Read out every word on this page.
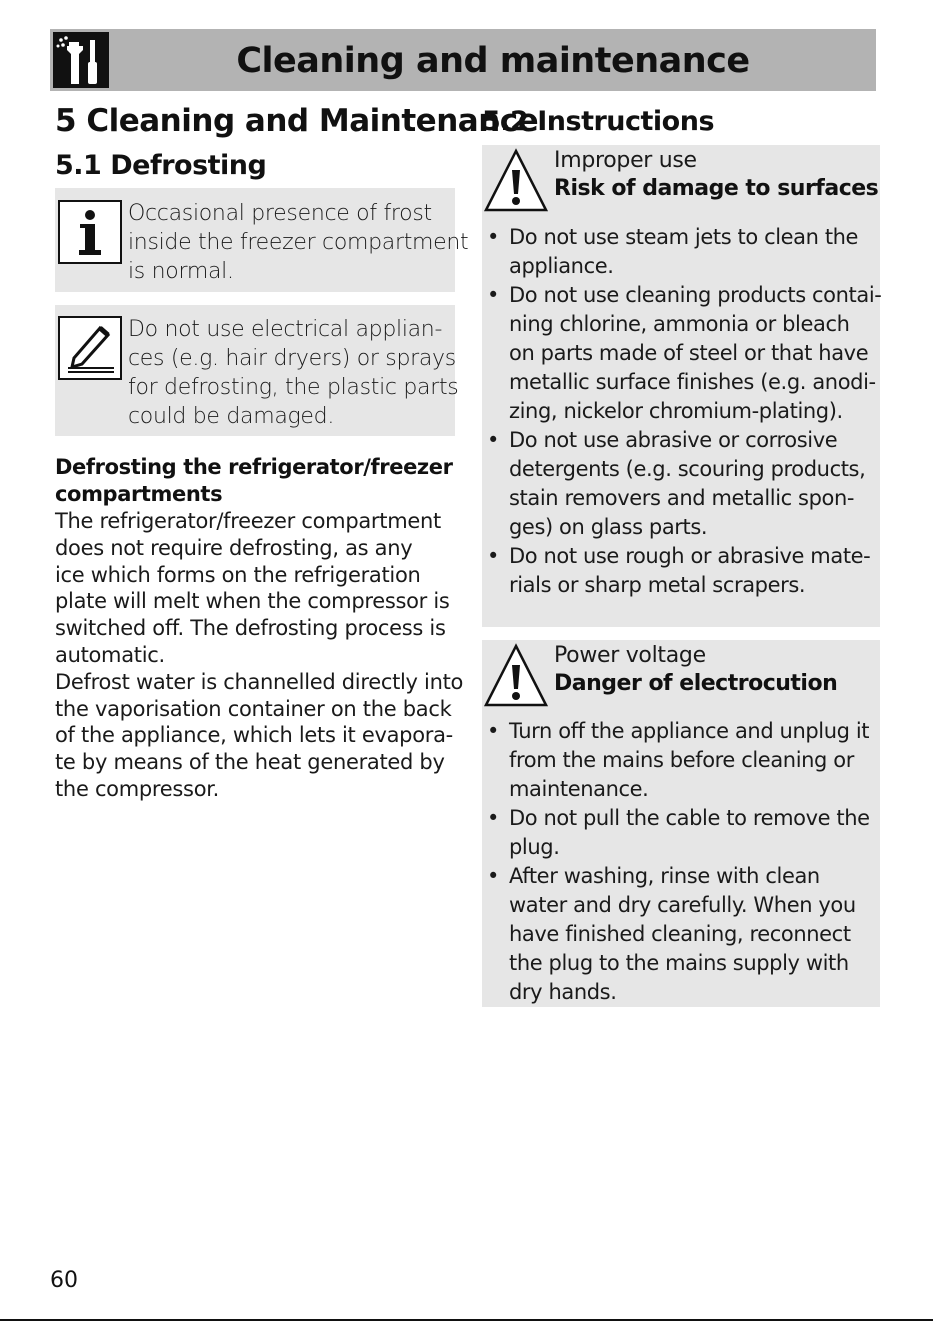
Cleaning and maintenance
5 Cleaning and Maintenance
5.1 Defrosting
Occasional presence of frost
inside the freezer compartment
is normal.
Do not use electrical applian-
ces (e.g. hair dryers) or sprays
for defrosting, the plastic parts
could be damaged.
Defrosting the refrigerator/freezer
compartments
The refrigerator/freezer compartment
does not require defrosting, as any
ice which forms on the refrigeration
plate will melt when the compressor is
switched off. The defrosting process is
automatic.
Defrost water is channelled directly into
the vaporisation container on the back
of the appliance, which lets it evapora-
te by means of the heat generated by
the compressor.
5.2 Instructions
Improper use
Risk of damage to surfaces
• Do not use steam jets to clean the
appliance.
• Do not use cleaning products contai-
ning chlorine, ammonia or bleach
on parts made of steel or that have
metallic surface finishes (e.g. anodi-
zing, nickelor chromium-plating).
• Do not use abrasive or corrosive
detergents (e.g. scouring products,
stain removers and metallic spon-
ges) on glass parts.
• Do not use rough or abrasive mate-
rials or sharp metal scrapers.
Power voltage
Danger of electrocution
• Turn off the appliance and unplug it
from the mains before cleaning or
maintenance.
• Do not pull the cable to remove the
plug.
• After washing, rinse with clean
water and dry carefully. When you
have finished cleaning, reconnect
the plug to the mains supply with
dry hands.
60
